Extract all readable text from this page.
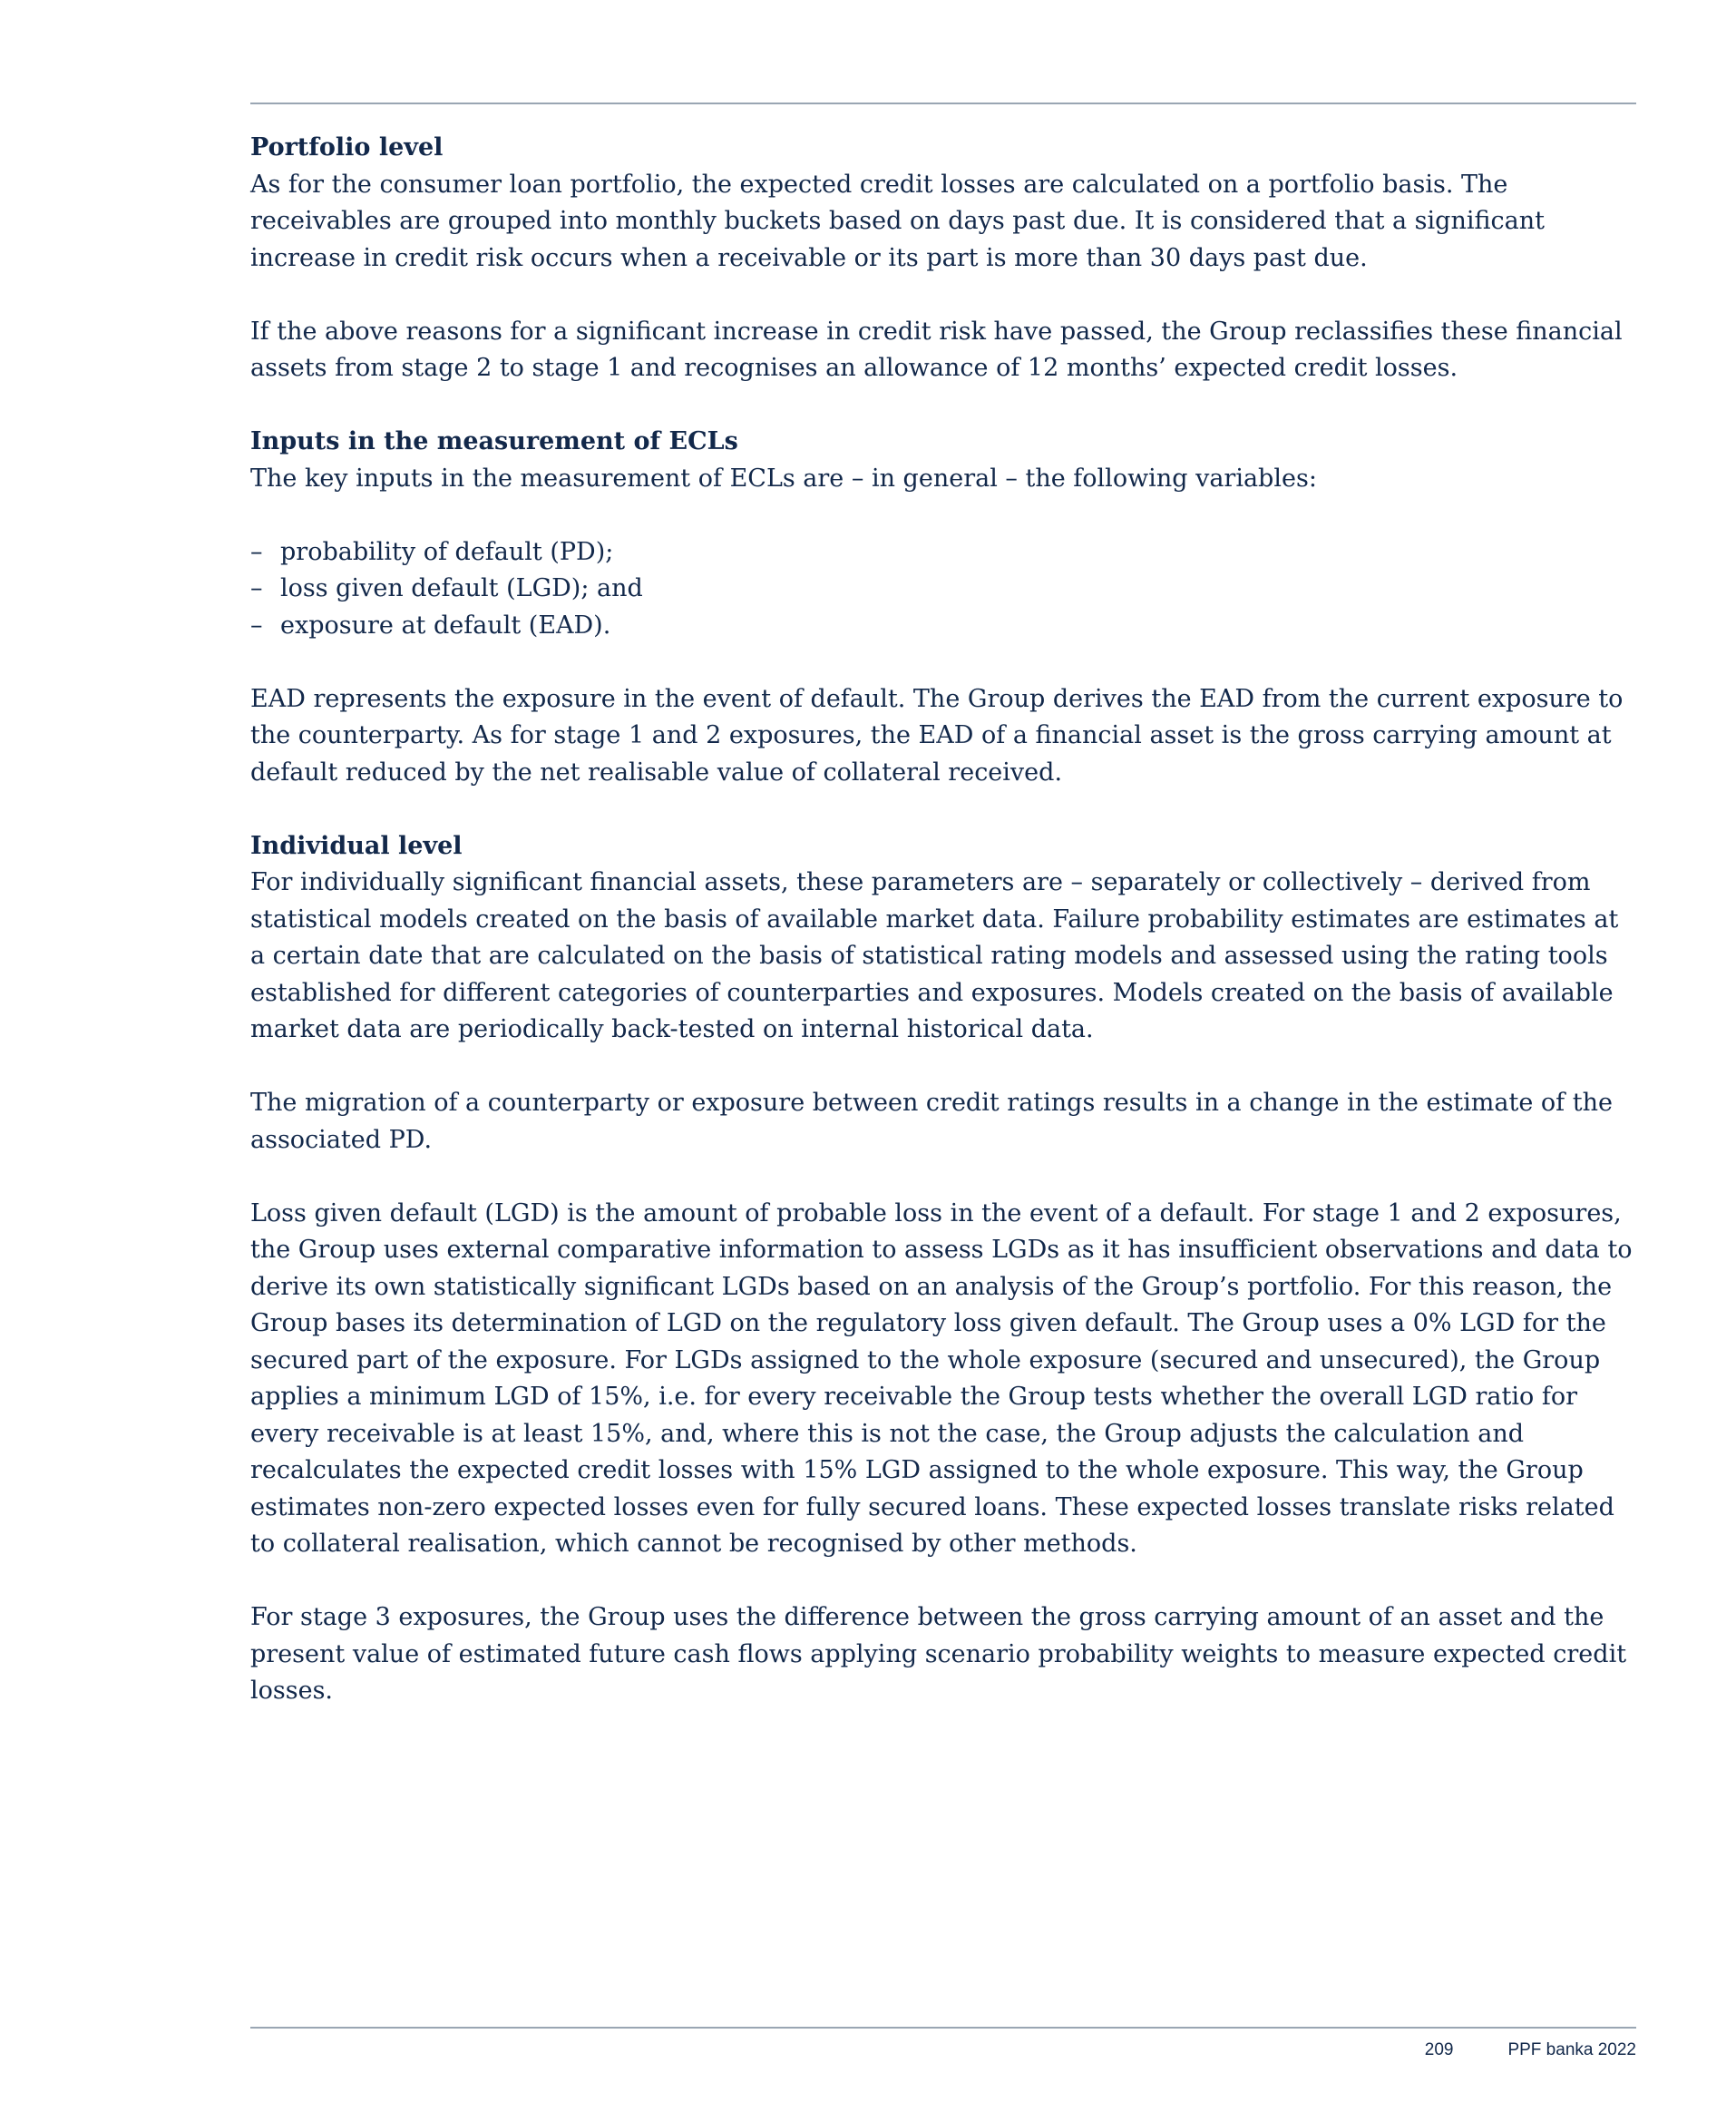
Portfolio level

As for the consumer loan portfolio, the expected credit losses are calculated on a portfolio basis. The receivables are grouped into monthly buckets based on days past due. It is considered that a significant increase in credit risk occurs when a receivable or its part is more than 30 days past due.

If the above reasons for a significant increase in credit risk have passed, the Group reclassifies these financial assets from stage 2 to stage 1 and recognises an allowance of 12 months’ expected credit losses.

Inputs in the measurement of ECLs

The key inputs in the measurement of ECLs are – in general – the following variables:

– probability of default (PD);
– loss given default (LGD); and
– exposure at default (EAD).

EAD represents the exposure in the event of default. The Group derives the EAD from the current exposure to the counterparty. As for stage 1 and 2 exposures, the EAD of a financial asset is the gross carrying amount at default reduced by the net realisable value of collateral received.

Individual level

For individually significant financial assets, these parameters are – separately or collectively – derived from statistical models created on the basis of available market data. Failure probability estimates are estimates at a certain date that are calculated on the basis of statistical rating models and assessed using the rating tools established for different categories of counterparties and exposures. Models created on the basis of available market data are periodically back-tested on internal historical data.

The migration of a counterparty or exposure between credit ratings results in a change in the estimate of the associated PD.

Loss given default (LGD) is the amount of probable loss in the event of a default. For stage 1 and 2 exposures, the Group uses external comparative information to assess LGDs as it has insufficient observations and data to derive its own statistically significant LGDs based on an analysis of the Group’s portfolio. For this reason, the Group bases its determination of LGD on the regulatory loss given default. The Group uses a 0% LGD for the secured part of the exposure. For LGDs assigned to the whole exposure (secured and unsecured), the Group applies a minimum LGD of 15%, i.e. for every receivable the Group tests whether the overall LGD ratio for every receivable is at least 15%, and, where this is not the case, the Group adjusts the calculation and recalculates the expected credit losses with 15% LGD assigned to the whole exposure. This way, the Group estimates non-zero expected losses even for fully secured loans. These expected losses translate risks related to collateral realisation, which cannot be recognised by other methods.

For stage 3 exposures, the Group uses the difference between the gross carrying amount of an asset and the present value of estimated future cash flows applying scenario probability weights to measure expected credit losses.

209	PPF banka 2022
